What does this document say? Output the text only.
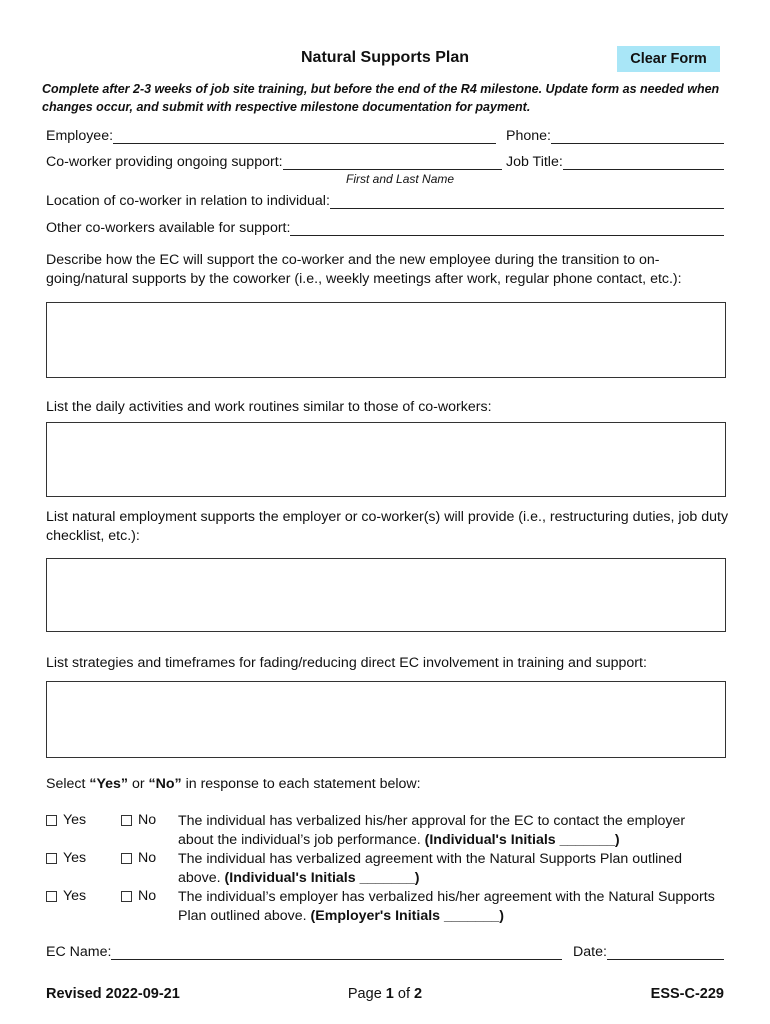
Natural Supports Plan	Clear Form
Complete after 2-3 weeks of job site training, but before the end of the R4 milestone. Update form as needed when changes occur, and submit with respective milestone documentation for payment.
Employee:	Phone:
Co-worker providing ongoing support:	Job Title:
First and Last Name
Location of co-worker in relation to individual:
Other co-workers available for support:
Describe how the EC will support the co-worker and the new employee during the transition to on-going/natural supports by the coworker (i.e., weekly meetings after work, regular phone contact, etc.):
List the daily activities and work routines similar to those of co-workers:
List natural employment supports the employer or co-worker(s) will provide (i.e., restructuring duties, job duty checklist, etc.):
List strategies and timeframes for fading/reducing direct EC involvement in training and support:
Select “Yes” or “No” in response to each statement below:
Yes	No The individual has verbalized his/her approval for the EC to contact the employer about the individual’s job performance. (Individual's Initials _______)
Yes	No The individual has verbalized agreement with the Natural Supports Plan outlined above. (Individual's Initials _______)
Yes	No The individual’s employer has verbalized his/her agreement with the Natural Supports Plan outlined above. (Employer's Initials _______)
EC Name:	Date:
Revised 2022-09-21	Page 1 of 2	ESS-C-229
